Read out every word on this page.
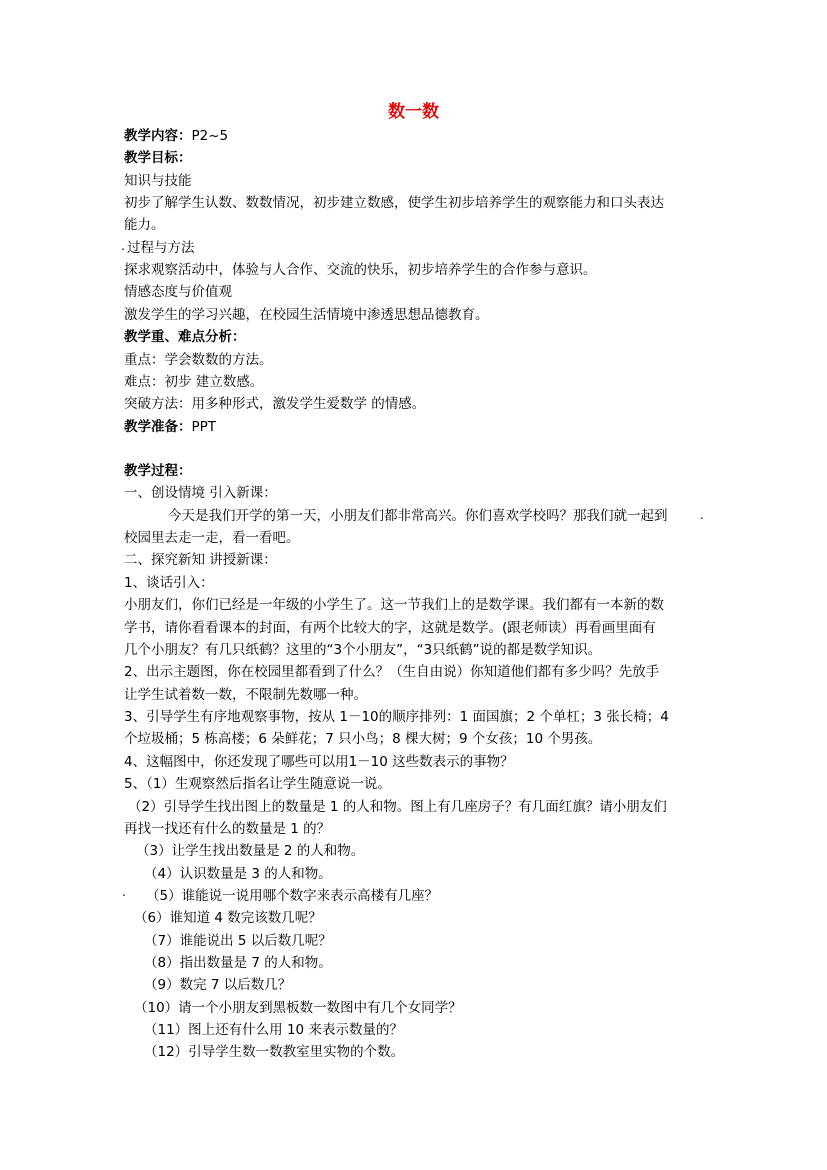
数一数
教学内容：P2~5
教学目标：
知识与技能
初步了解学生认数、数数情况，初步建立数感，使学生初步培养学生的观察能力和口头表达
能力。
过程与方法
探求观察活动中，体验与人合作、交流的快乐，初步培养学生的合作参与意识。
情感态度与价值观
激发学生的学习兴趣，在校园生活情境中渗透思想品德教育。
教学重、难点分析：
重点：学会数数的方法。
难点：初步 建立数感。
突破方法：用多种形式，激发学生爱数学 的情感。
教学准备：PPT
教学过程：
一、创设情境 引入新课：
今天是我们开学的第一天，小朋友们都非常高兴。你们喜欢学校吗？那我们就一起到
校园里去走一走，看一看吧。
二、探究新知 讲授新课：
1、谈话引入：
小朋友们，你们已经是一年级的小学生了。这一节我们上的是数学课。我们都有一本新的数
学书，请你看看课本的封面，有两个比较大的字，这就是数学。(跟老师读）再看画里面有
几个小朋友？有几只纸鹤？这里的“3个小朋友”，“3只纸鹤”说的都是数学知识。
2、出示主题图，你在校园里都看到了什么？（生自由说）你知道他们都有多少吗？先放手
让学生试着数一数，不限制先数哪一种。
3、引导学生有序地观察事物，按从 1－10的顺序排列：1 面国旗；2 个单杠；3 张长椅；4
个垃圾桶；5 栋高楼；6 朵鲜花；7 只小鸟；8 棵大树；9 个女孩；10 个男孩。
4、这幅图中，你还发现了哪些可以用1－10 这些数表示的事物？
5、（1）生观察然后指名让学生随意说一说。
（2）引导学生找出图上的数量是 1 的人和物。图上有几座房子？有几面红旗？请小朋友们
再找一找还有什么的数量是 1 的？
（3）让学生找出数量是 2 的人和物。
（4）认识数量是 3 的人和物。
（5）谁能说一说用哪个数字来表示高楼有几座？
（6）谁知道 4 数完该数几呢？
（7）谁能说出 5 以后数几呢？
（8）指出数量是 7 的人和物。
（9）数完 7 以后数几？
（10）请一个小朋友到黑板数一数图中有几个女同学？
（11）图上还有什么用 10 来表示数量的？
（12）引导学生数一数教室里实物的个数。
.
.
.
